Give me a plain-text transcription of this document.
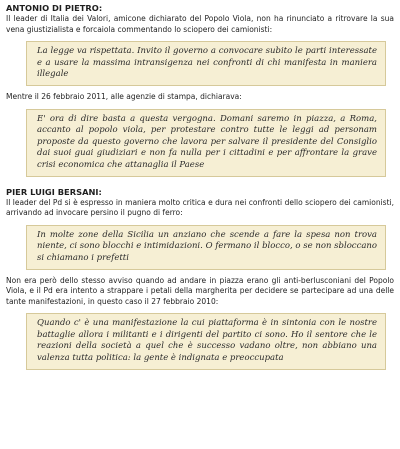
ANTONIO DI PIETRO:

Il leader di Italia dei Valori, amicone dichiarato del Popolo Viola, non ha rinunciato a ritrovare la sua vena giustizialista e forcaiola commentando lo sciopero dei camionisti:

La legge va rispettata. Invito il governo a convocare subito le parti interessate e a usare la massima intransigenza nei confronti di chi manifesta in maniera illegale

Mentre il 26 febbraio 2011, alle agenzie di stampa, dichiarava:

E' ora di dire basta a questa vergogna. Domani saremo in piazza, a Roma, accanto al popolo viola, per protestare contro tutte le leggi ad personam proposte da questo governo che lavora per salvare il presidente del Consiglio dai suoi guai giudiziari e non fa nulla per i cittadini e per affrontare la grave crisi economica che attanaglia il Paese

PIER LUIGI BERSANI:

Il leader del Pd si è espresso in maniera molto critica e dura nei confronti dello sciopero dei camionisti, arrivando ad invocare persino il pugno di ferro:

In molte zone della Sicilia un anziano che scende a fare la spesa non trova niente, ci sono blocchi e intimidazioni. O fermano il blocco, o se non sbloccano si chiamano i prefetti

Non era però dello stesso avviso quando ad andare in piazza erano gli anti-berlusconiani del Popolo Viola, e il Pd era intento a strappare i petali della margherita per decidere se partecipare ad una delle tante manifestazioni, in questo caso il 27 febbraio 2010:

Quando c' è una manifestazione la cui piattaforma è in sintonia con le nostre battaglie allora i militanti e i dirigenti del partito ci sono. Ho il sentore che le reazioni della società a quel che è successo vadano oltre, non abbiano una valenza tutta politica: la gente è indignata e preoccupata
